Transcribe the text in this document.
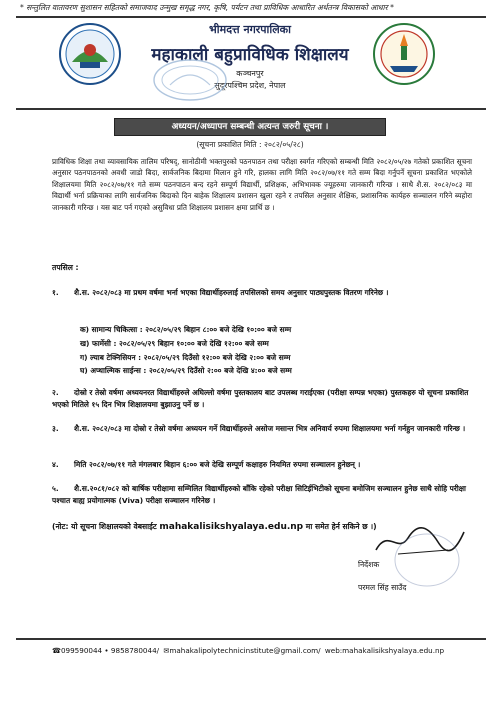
* सन्तुलित वातावरण सुशासन सहितको समाजवाद उन्मुख समृद्ध नगर, कृषि, पर्यटन तथा प्राविधिक आधारित अर्थतन्त्र विकासको आधार *
भीमदत्त नगरपालिका
महाकाली बहुप्राविधिक शिक्षालय
कञ्चनपुर
सुदूरपश्चिम प्रदेश, नेपाल
अध्ययन/अध्यापन सम्बन्धी अत्यन्त जरुरी सूचना ।
(सूचना प्रकाशित मिति : २०८२/०५/२८)
प्राविधिक शिक्षा तथा व्यावसायिक तालिम परिषद्, सानोठीमी भक्तपुरको पठनपाठन तथा परीक्षा स्वर्गत गरिएको सम्बन्धी मिति २०८२/०५/२७ गतेको प्रकाशित सूचना अनुसार पठनपाठनको अवधी जाडो बिदा, सार्वजनिक बिदामा मिलान हुने गरि, हालका लागि मिति २०८२/०७/११ गते सम्म बिदा गर्नुपर्ने सूचना प्रकाशित भएकोले शिक्षालयमा मिति २०८२/०७/११ गते सम्म पठनपाठन बन्द रहने सम्पूर्ण विद्यार्थी, प्रशिक्षक, अभिभावक ज्यूहरुमा जानकारी गरिन्छ । साथै शै.स. २०८२/०८३ मा विद्यार्थी भर्ना प्रक्रियाका लागि सार्वजनिक बिदाको दिन बाहेक शिक्षालय प्रशासन खुला रहने र तपसिल अनुसार शैक्षिक, प्रशासनिक कार्यहरु सञ्चालन गरिने ब्यहोरा जानकारी गरिन्छ । यस बाट पर्न गएको असुविधा प्रति शिक्षालय प्रशासन क्षमा प्रार्थि छ ।
तपसिल :
१. शै.स. २०८२/०८३ मा प्रथम वर्षमा भर्ना भएका विद्यार्थीहरुलाई तपसिलको समय अनुसार पाठ्यपुस्तक वितरण गरिनेछ ।
क) सामान्य चिकित्सा : २०८२/०५/२९ बिहान ८:०० बजे देखि १०:०० बजे सम्म
ख) फार्मेसी : २०८२/०५/२९ बिहान १०:०० बजे देखि १२:०० बजे सम्म
ग) ल्याब टेक्निसियन : २०८२/०५/२९ दिउँसो १२:०० बजे देखि २:०० बजे सम्म
घ) अप्थाल्मिक साईन्स : २०८२/०५/२९ दिउँसो २:०० बजे देखि ४:०० बजे सम्म
२. दोस्रो र तेस्रो वर्षमा अध्ययनरत विद्यार्थीहरुले अघिल्लो वर्षमा पुस्तकालय बाट उपलब्ध गराईएका (परीक्षा सम्पन्न भएका) पुस्तकहरु यो सूचना प्रकाशित भएको मितिले १५ दिन भित्र शिक्षालयमा बुझाउनु पर्ने छ ।
३. शै.स. २०८२/०८३ मा दोस्रो र तेस्रो वर्षमा अध्ययन गर्ने विद्यार्थीहरुले असोज मसान्त भित्र अनिवार्य रुपमा शिक्षालयमा भर्ना गर्नहुन जानकारी गरिन्छ ।
४. मिति २०८२/०७/११ गते मंगलबार बिहान ६:०० बजे देखि सम्पूर्ण कक्षाहरु नियमित रुपमा सञ्चालन हुनेछन् ।
५. शै.स.२०८१/०८२ को बार्षिक परीक्षामा सम्मिलित विद्यार्थीहरुको बाँकि रहेको परीक्षा सिटिईभिटीको सूचना बमोजिम सञ्चालन हुनेछ साथै सोहि परीक्षा पश्चात बाह्य प्रयोगात्मक (Viva) परीक्षा सञ्चालन गरिनेछ ।
(नोट: यो सूचना शिक्षालयको वेबसाईट mahakalisikshyalaya.edu.np मा समेत हेर्न सकिने छ ।)
निर्देशक
परमल सिंह साउँद
☎099590044 • 9858780044/ ✉mahakalipolytechnicinstitute@gmail.com/ web:mahakalisikshyalaya.edu.np
